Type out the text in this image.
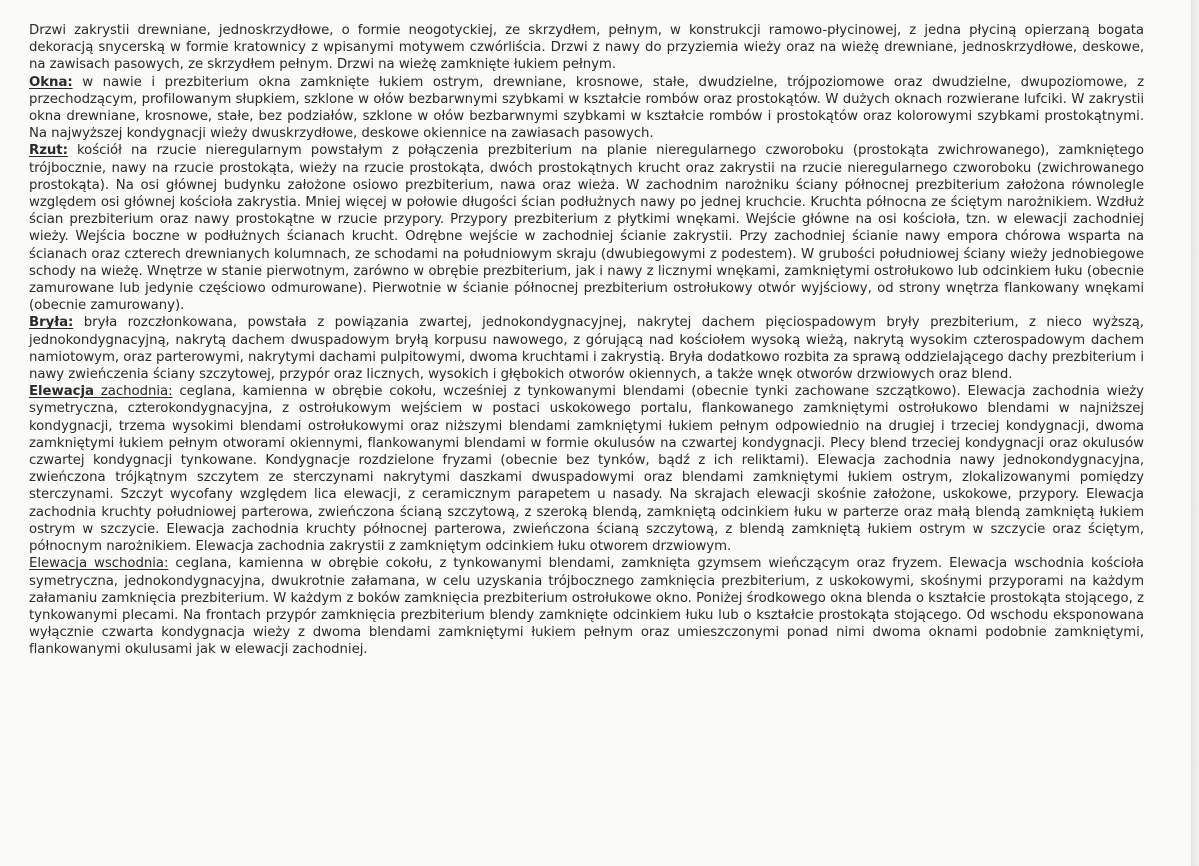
Drzwi zakrystii drewniane, jednoskrzydłowe, o formie neogotyckiej, ze skrzydłem, pełnym, w konstrukcji ramowo-płycinowej, z jedna płyciną opierzaną bogata dekoracją snycerską w formie kratownicy z wpisanymi motywem czwórliścia. Drzwi z nawy do przyziemia wieży oraz na wieżę drewniane, jednoskrzydłowe, deskowe, na zawisach pasowych, ze skrzydłem pełnym. Drzwi na wieżę zamknięte łukiem pełnym.

Okna: w nawie i prezbiterium okna zamknięte łukiem ostrym, drewniane, krosnowe, stałe, dwudzielne, trójpoziomowe oraz dwudzielne, dwupoziomowe, z przechodzącym, profilowanym słupkiem, szklone w ołów bezbarwnymi szybkami w kształcie rombów oraz prostokątów. W dużych oknach rozwierane lufciki. W zakrystii okna drewniane, krosnowe, stałe, bez podziałów, szklone w ołów bezbarwnymi szybkami w kształcie rombów i prostokątów oraz kolorowymi szybkami prostokątnymi. Na najwyższej kondygnacji wieży dwuskrzydłowe, deskowe okiennice na zawiasach pasowych.

Rzut: kościół na rzucie nieregularnym powstałym z połączenia prezbiterium na planie nieregularnego czworoboku (prostokąta zwichrowanego), zamkniętego trójbocznie, nawy na rzucie prostokąta, wieży na rzucie prostokąta, dwóch prostokątnych krucht oraz zakrystii na rzucie nieregularnego czworoboku (zwichrowanego prostokąta). Na osi głównej budynku założone osiowo prezbiterium, nawa oraz wieża. W zachodnim narożniku ściany północnej prezbiterium założona równolegle względem osi głównej kościoła zakrystia. Mniej więcej w połowie długości ścian podłużnych nawy po jednej kruchcie. Kruchta północna ze ściętym narożnikiem. Wzdłuż ścian prezbiterium oraz nawy prostokątne w rzucie przypory. Przypory prezbiterium z płytkimi wnękami. Wejście główne na osi kościoła, tzn. w elewacji zachodniej wieży. Wejścia boczne w podłużnych ścianach krucht. Odrębne wejście w zachodniej ścianie zakrystii. Przy zachodniej ścianie nawy empora chórowa wsparta na ścianach oraz czterech drewnianych kolumnach, ze schodami na południowym skraju (dwubiegowymi z podestem). W grubości południowej ściany wieży jednobiegowe schody na wieżę. Wnętrze w stanie pierwotnym, zarówno w obrębie prezbiterium, jak i nawy z licznymi wnękami, zamkniętymi ostrołukowo lub odcinkiem łuku (obecnie zamurowane lub jedynie częściowo odmurowane). Pierwotnie w ścianie północnej prezbiterium ostrołukowy otwór wyjściowy, od strony wnętrza flankowany wnękami (obecnie zamurowany).

Bryła: bryła rozczłonkowana, powstała z powiązania zwartej, jednokondygnacyjnej, nakrytej dachem pięciospadowym bryły prezbiterium, z nieco wyższą, jednokondygnacyjną, nakrytą dachem dwuspadowym bryłą korpusu nawowego, z górującą nad kościołem wysoką wieżą, nakrytą wysokim czterospadowym dachem namiotowym, oraz parterowymi, nakrytymi dachami pulpitowymi, dwoma kruchtami i zakrystią. Bryła dodatkowo rozbita za sprawą oddzielającego dachy prezbiterium i nawy zwieńczenia ściany szczytowej, przypór oraz licznych, wysokich i głębokich otworów okiennych, a także wnęk otworów drzwiowych oraz blend.

Elewacja zachodnia: ceglana, kamienna w obrębie cokołu, wcześniej z tynkowanymi blendami (obecnie tynki zachowane szczątkowo). Elewacja zachodnia wieży symetryczna, czterokondygnacyjna, z ostrołukowym wejściem w postaci uskokowego portalu, flankowanego zamkniętymi ostrołukowo blendami w najniższej kondygnacji, trzema wysokimi blendami ostrołukowymi oraz niższymi blendami zamkniętymi łukiem pełnym odpowiednio na drugiej i trzeciej kondygnacji, dwoma zamkniętymi łukiem pełnym otworami okiennymi, flankowanymi blendami w formie okulusów na czwartej kondygnacji. Plecy blend trzeciej kondygnacji oraz okulusów czwartej kondygnacji tynkowane. Kondygnacje rozdzielone fryzami (obecnie bez tynków, bądź z ich reliktami). Elewacja zachodnia nawy jednokondygnacyjna, zwieńczona trójkątnym szczytem ze sterczynami nakrytymi daszkami dwuspadowymi oraz blendami zamkniętymi łukiem ostrym, zlokalizowanymi pomiędzy sterczynami. Szczyt wycofany względem lica elewacji, z ceramicznym parapetem u nasady. Na skrajach elewacji skośnie założone, uskokowe, przypory. Elewacja zachodnia kruchty południowej parterowa, zwieńczona ścianą szczytową, z szeroką blendą, zamkniętą odcinkiem łuku w parterze oraz małą blendą zamkniętą łukiem ostrym w szczycie. Elewacja zachodnia kruchty północnej parterowa, zwieńczona ścianą szczytową, z blendą zamkniętą łukiem ostrym w szczycie oraz ściętym, północnym narożnikiem. Elewacja zachodnia zakrystii z zamkniętym odcinkiem łuku otworem drzwiowym.

Elewacja wschodnia: ceglana, kamienna w obrębie cokołu, z tynkowanymi blendami, zamknięta gzymsem wieńczącym oraz fryzem. Elewacja wschodnia kościoła symetryczna, jednokondygnacyjna, dwukrotnie załamana, w celu uzyskania trójbocznego zamknięcia prezbiterium, z uskokowymi, skośnymi przyporami na każdym załamaniu zamknięcia prezbiterium. W każdym z boków zamknięcia prezbiterium ostrołukowe okno. Poniżej środkowego okna blenda o kształcie prostokąta stojącego, z tynkowanymi plecami. Na frontach przypór zamknięcia prezbiterium blendy zamknięte odcinkiem łuku lub o kształcie prostokąta stojącego. Od wschodu eksponowana wyłącznie czwarta kondygnacja wieży z dwoma blendami zamkniętymi łukiem pełnym oraz umieszczonymi ponad nimi dwoma oknami podobnie zamkniętymi, flankowanymi okulusami jak w elewacji zachodniej.
